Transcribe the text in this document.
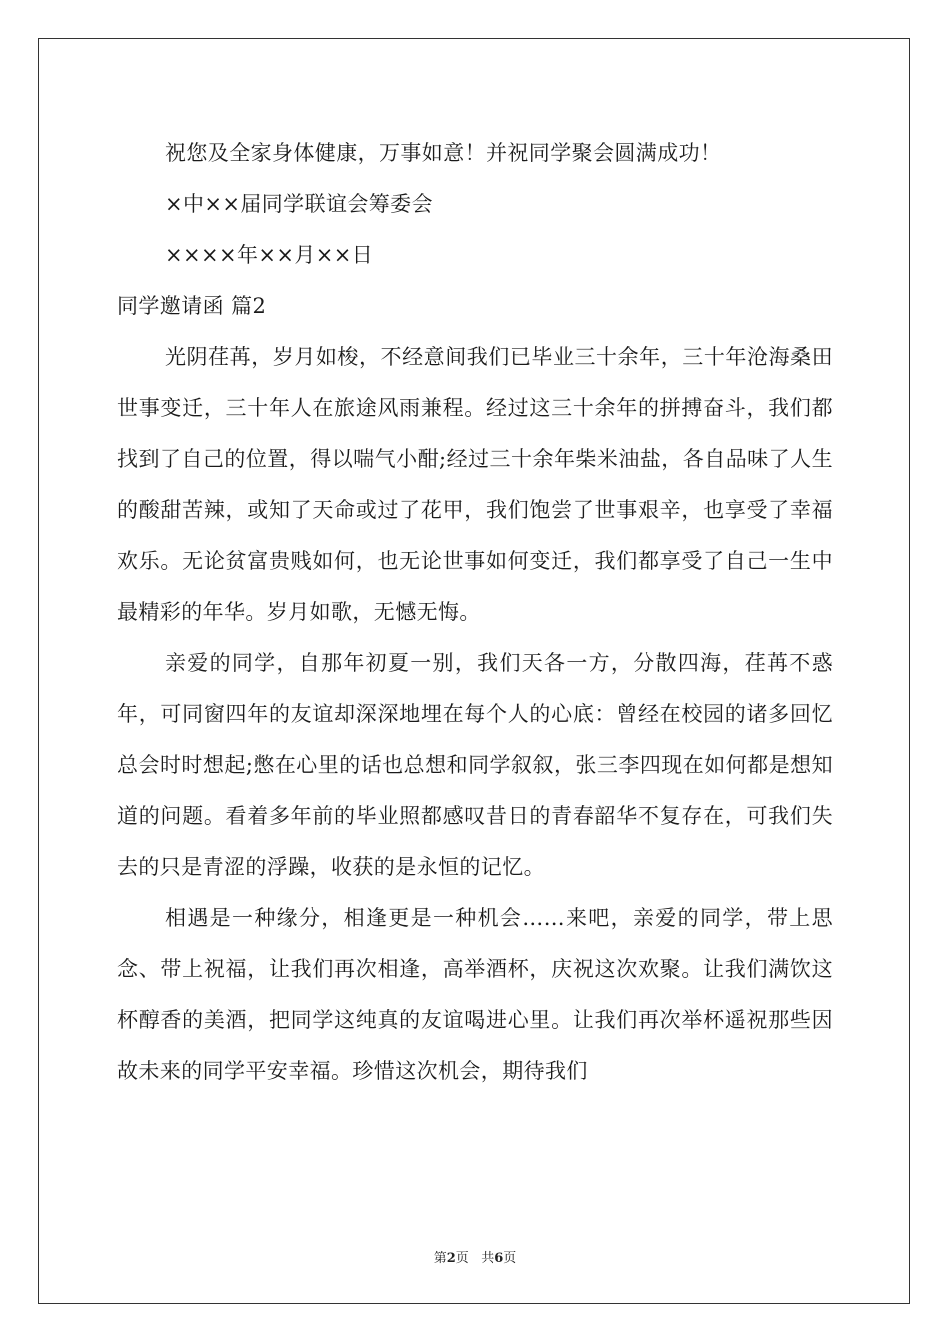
祝您及全家身体健康，万事如意！并祝同学聚会圆满成功！
×中××届同学联谊会筹委会
××××年××月××日
同学邀请函 篇2

光阴荏苒，岁月如梭，不经意间我们已毕业三十余年，三十年沧海桑田世事变迁，三十年人在旅途风雨兼程。经过这三十余年的拼搏奋斗，我们都找到了自己的位置，得以喘气小酣;经过三十余年柴米油盐，各自品味了人生的酸甜苦辣，或知了天命或过了花甲，我们饱尝了世事艰辛，也享受了幸福欢乐。无论贫富贵贱如何，也无论世事如何变迁，我们都享受了自己一生中最精彩的年华。岁月如歌，无憾无悔。

亲爱的同学，自那年初夏一别，我们天各一方，分散四海，荏苒不惑年，可同窗四年的友谊却深深地埋在每个人的心底：曾经在校园的诸多回忆总会时时想起;憋在心里的话也总想和同学叙叙，张三李四现在如何都是想知道的问题。看着多年前的毕业照都感叹昔日的青春韶华不复存在，可我们失去的只是青涩的浮躁，收获的是永恒的记忆。

相遇是一种缘分，相逢更是一种机会……来吧，亲爱的同学，带上思念、带上祝福，让我们再次相逢，高举酒杯，庆祝这次欢聚。让我们满饮这杯醇香的美酒，把同学这纯真的友谊喝进心里。让我们再次举杯遥祝那些因故未来的同学平安幸福。珍惜这次机会，期待我们

第2页 共6页
